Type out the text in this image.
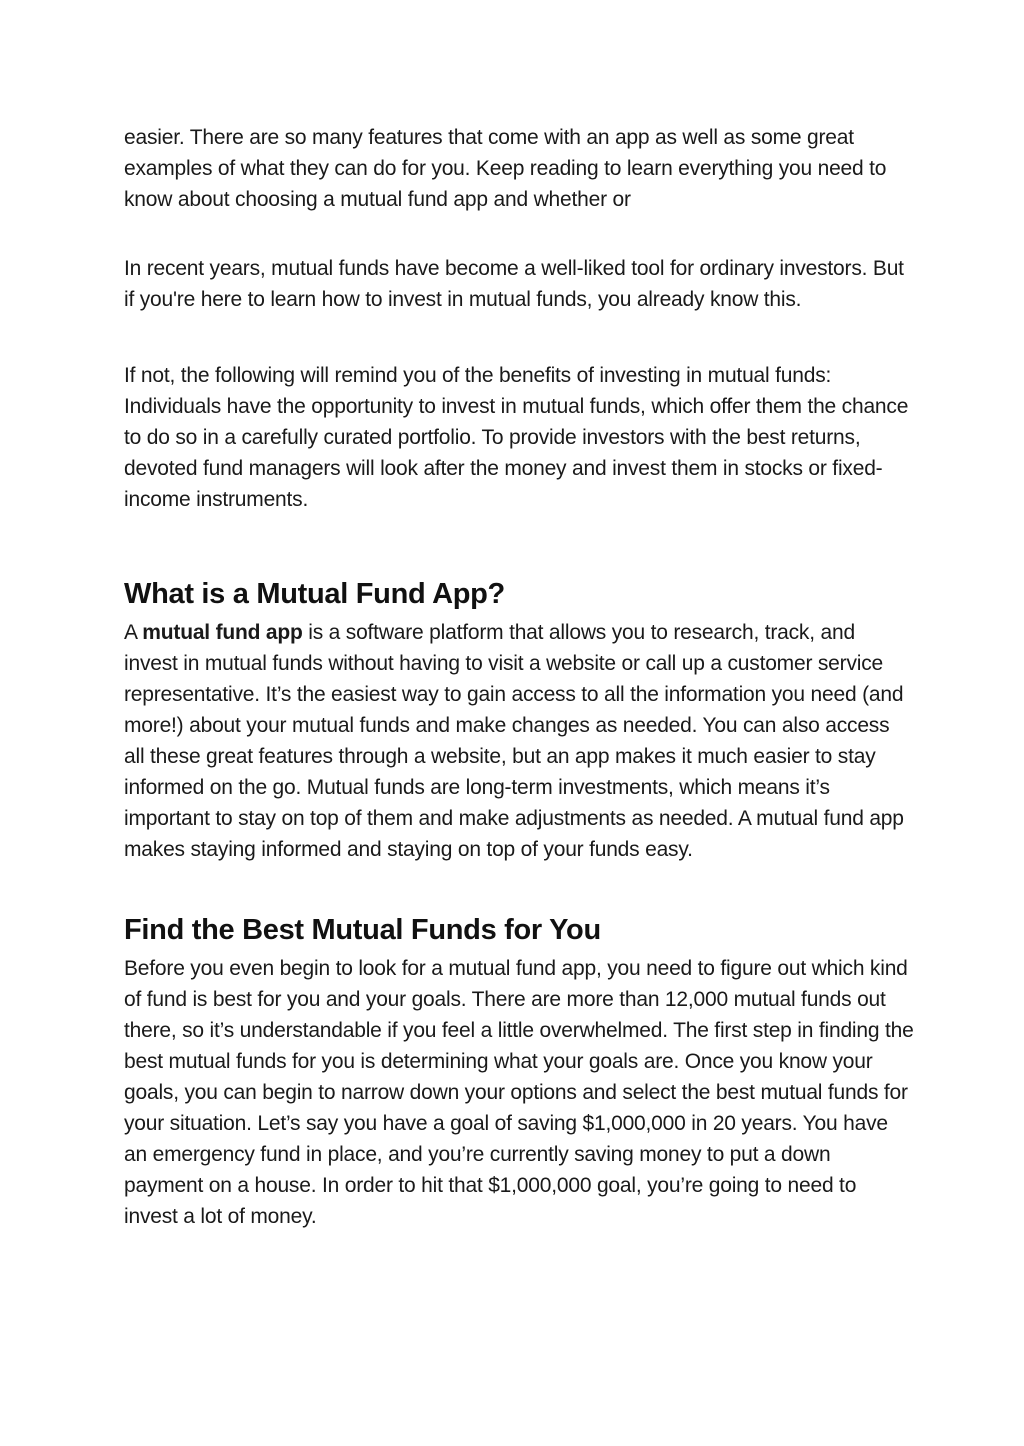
easier. There are so many features that come with an app as well as some great examples of what they can do for you. Keep reading to learn everything you need to know about choosing a mutual fund app and whether or

In recent years, mutual funds have become a well-liked tool for ordinary investors. But if you're here to learn how to invest in mutual funds, you already know this.

If not, the following will remind you of the benefits of investing in mutual funds: Individuals have the opportunity to invest in mutual funds, which offer them the chance to do so in a carefully curated portfolio. To provide investors with the best returns, devoted fund managers will look after the money and invest them in stocks or fixed-income instruments.

What is a Mutual Fund App?

A mutual fund app is a software platform that allows you to research, track, and invest in mutual funds without having to visit a website or call up a customer service representative. It’s the easiest way to gain access to all the information you need (and more!) about your mutual funds and make changes as needed. You can also access all these great features through a website, but an app makes it much easier to stay informed on the go. Mutual funds are long-term investments, which means it’s important to stay on top of them and make adjustments as needed. A mutual fund app makes staying informed and staying on top of your funds easy.

Find the Best Mutual Funds for You

Before you even begin to look for a mutual fund app, you need to figure out which kind of fund is best for you and your goals. There are more than 12,000 mutual funds out there, so it’s understandable if you feel a little overwhelmed. The first step in finding the best mutual funds for you is determining what your goals are. Once you know your goals, you can begin to narrow down your options and select the best mutual funds for your situation. Let’s say you have a goal of saving $1,000,000 in 20 years. You have an emergency fund in place, and you’re currently saving money to put a down payment on a house. In order to hit that $1,000,000 goal, you’re going to need to invest a lot of money.
